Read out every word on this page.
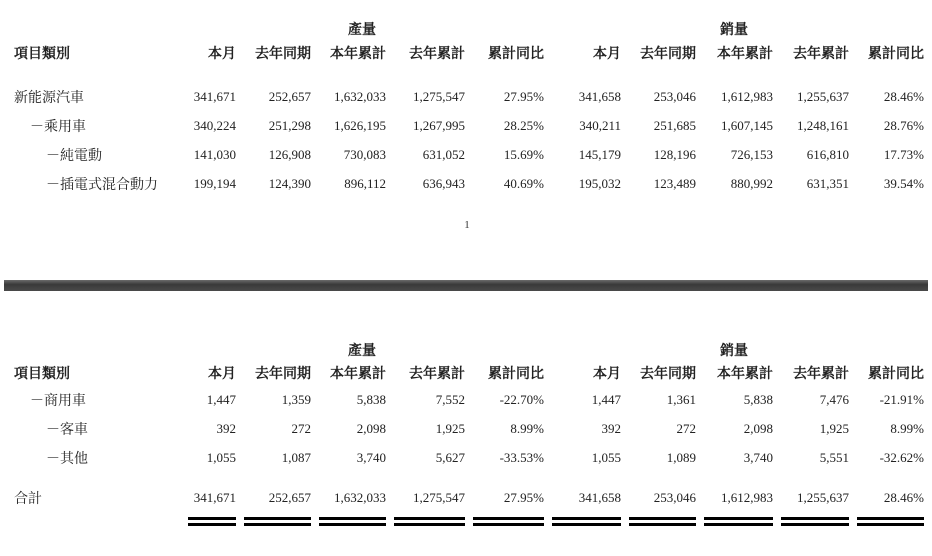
	產量					銷量				
項目類別	本月	去年同期	本年累計	去年累計	累計同比	本月	去年同期	本年累計	去年累計	累計同比

新能源汽車	341,671	252,657	1,632,033	1,275,547	27.95%	341,658	253,046	1,612,983	1,255,637	28.46%
－乘用車	340,224	251,298	1,626,195	1,267,995	28.25%	340,211	251,685	1,607,145	1,248,161	28.76%
－純電動	141,030	126,908	730,083	631,052	15.69%	145,179	128,196	726,153	616,810	17.73%
－插電式混合動力	199,194	124,390	896,112	636,943	40.69%	195,032	123,489	880,992	631,351	39.54%
1
	產量					銷量				
項目類別	本月	去年同期	本年累計	去年累計	累計同比	本月	去年同期	本年累計	去年累計	累計同比
－商用車	1,447	1,359	5,838	7,552	-22.70%	1,447	1,361	5,838	7,476	-21.91%
－客車	392	272	2,098	1,925	8.99%	392	272	2,098	1,925	8.99%
－其他	1,055	1,087	3,740	5,627	-33.53%	1,055	1,089	3,740	5,551	-32.62%

合計	341,671	252,657	1,632,033	1,275,547	27.95%	341,658	253,046	1,612,983	1,255,637	28.46%
